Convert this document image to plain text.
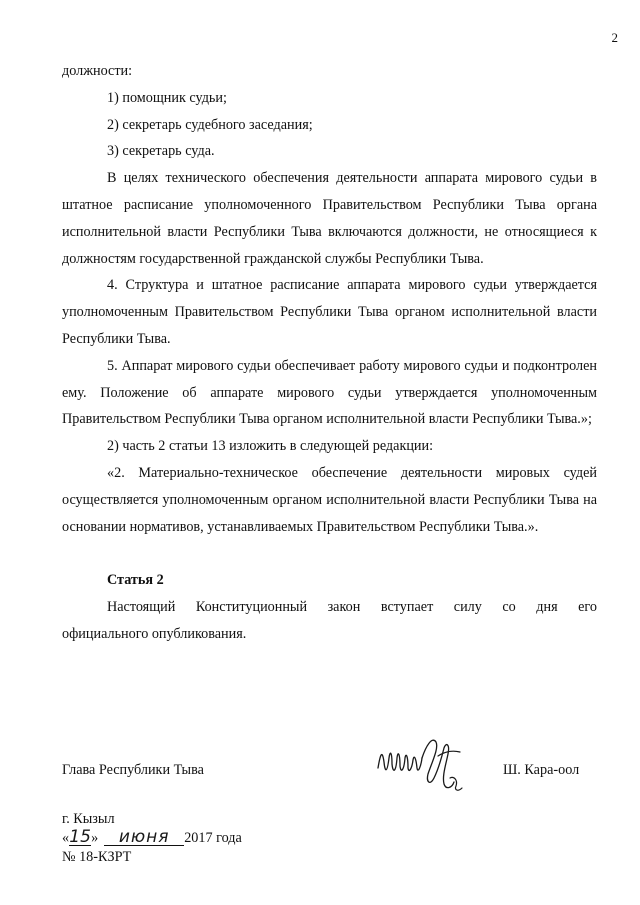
2

должности:

1) помощник судьи;

2) секретарь судебного заседания;

3) секретарь суда.

В целях технического обеспечения деятельности аппарата мирового судьи в штатное расписание уполномоченного Правительством Республики Тыва органа исполнительной власти Республики Тыва включаются должности, не относящиеся к должностям государственной гражданской службы Республики Тыва.

4. Структура и штатное расписание аппарата мирового судьи утверждается уполномоченным Правительством Республики Тыва органом исполнительной власти Республики Тыва.

5. Аппарат мирового судьи обеспечивает работу мирового судьи и подконтролен ему. Положение об аппарате мирового судьи утверждается уполномоченным Правительством Республики Тыва органом исполнительной власти Республики Тыва.»;

2) часть 2 статьи 13 изложить в следующей редакции:

«2. Материально-техническое обеспечение деятельности мировых судей осуществляется уполномоченным органом исполнительной власти Республики Тыва на основании нормативов, устанавливаемых Правительством Республики Тыва.».

Статья 2

Настоящий Конституционный закон вступает силу со дня его

официального опубликования.

Глава Республики Тыва	Ш. Кара-оол
г. Кызыл
« 15 »	июня	2017 года
№ 18-КЗРТ
